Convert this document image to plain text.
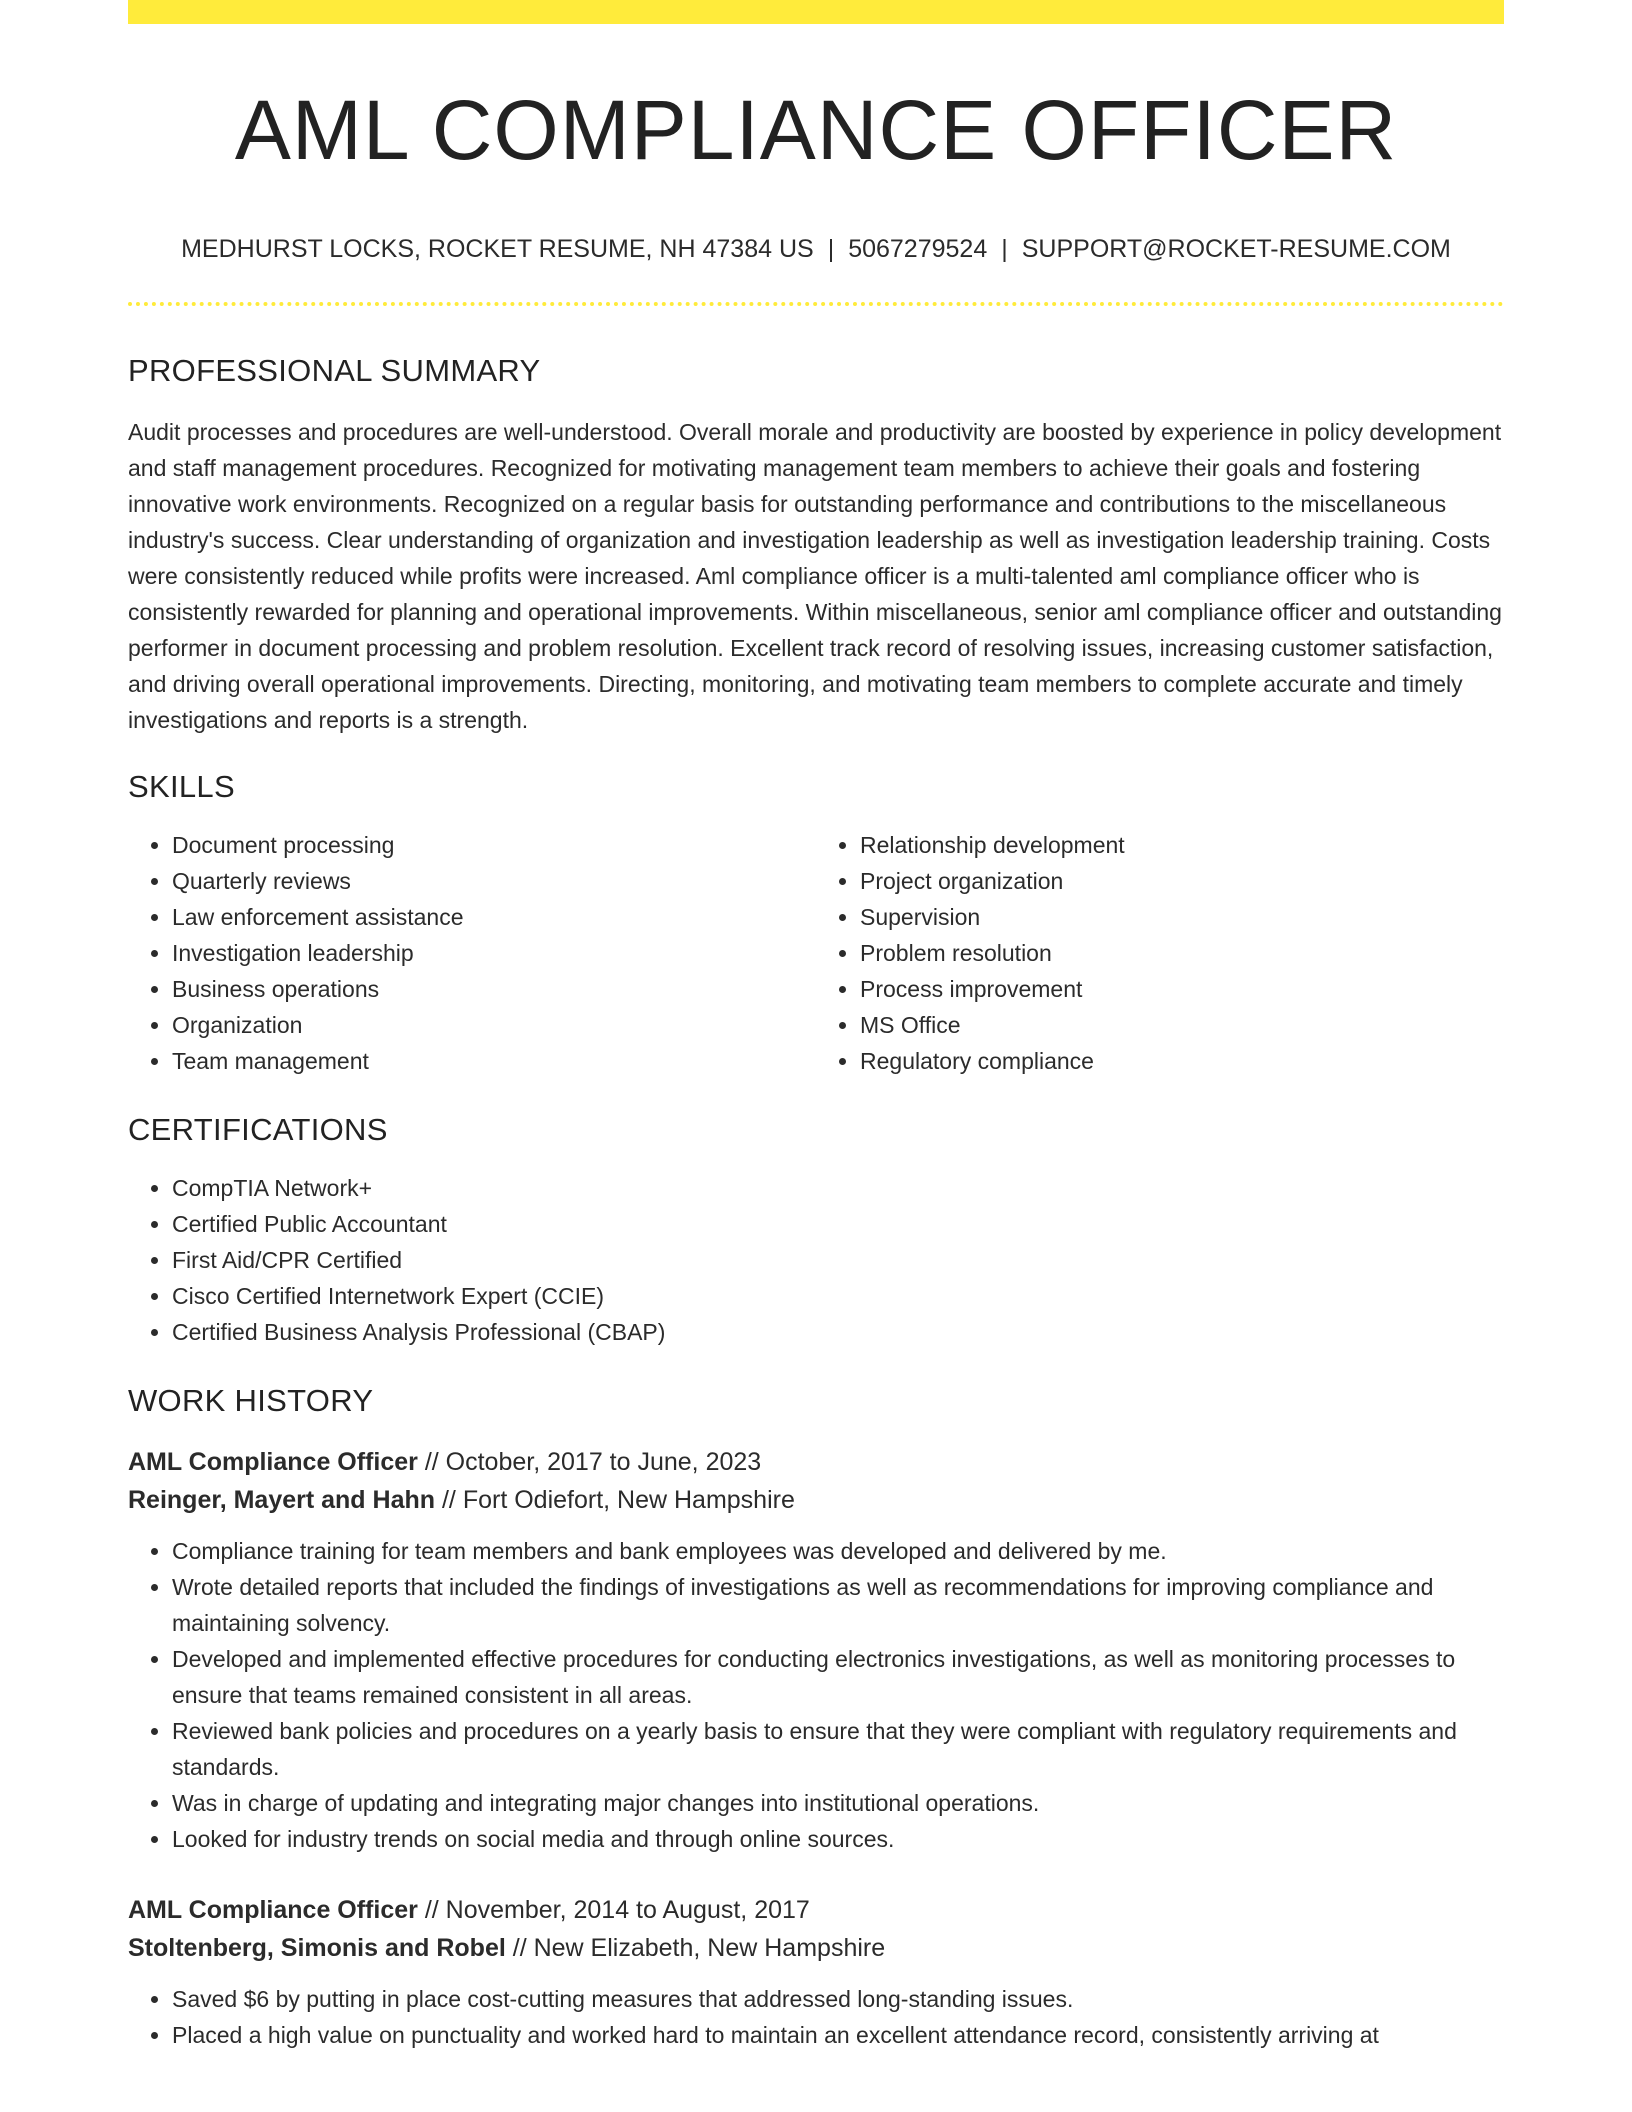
AML COMPLIANCE OFFICER
MEDHURST LOCKS, ROCKET RESUME, NH 47384 US | 5067279524 | SUPPORT@ROCKET-RESUME.COM
PROFESSIONAL SUMMARY

Audit processes and procedures are well-understood. Overall morale and productivity are boosted by experience in policy development and staff management procedures. Recognized for motivating management team members to achieve their goals and fostering innovative work environments. Recognized on a regular basis for outstanding performance and contributions to the miscellaneous industry's success. Clear understanding of organization and investigation leadership as well as investigation leadership training. Costs were consistently reduced while profits were increased. Aml compliance officer is a multi-talented aml compliance officer who is consistently rewarded for planning and operational improvements. Within miscellaneous, senior aml compliance officer and outstanding performer in document processing and problem resolution. Excellent track record of resolving issues, increasing customer satisfaction, and driving overall operational improvements. Directing, monitoring, and motivating team members to complete accurate and timely investigations and reports is a strength.

SKILLS
• Document processing
• Quarterly reviews
• Law enforcement assistance
• Investigation leadership
• Business operations
• Organization
• Team management
• Relationship development
• Project organization
• Supervision
• Problem resolution
• Process improvement
• MS Office
• Regulatory compliance
CERTIFICATIONS
• CompTIA Network+
• Certified Public Accountant
• First Aid/CPR Certified
• Cisco Certified Internetwork Expert (CCIE)
• Certified Business Analysis Professional (CBAP)
WORK HISTORY
AML Compliance Officer // October, 2017 to June, 2023
Reinger, Mayert and Hahn // Fort Odiefort, New Hampshire
• Compliance training for team members and bank employees was developed and delivered by me.
• Wrote detailed reports that included the findings of investigations as well as recommendations for improving compliance and maintaining solvency.
• Developed and implemented effective procedures for conducting electronics investigations, as well as monitoring processes to ensure that teams remained consistent in all areas.
• Reviewed bank policies and procedures on a yearly basis to ensure that they were compliant with regulatory requirements and standards.
• Was in charge of updating and integrating major changes into institutional operations.
• Looked for industry trends on social media and through online sources.
AML Compliance Officer // November, 2014 to August, 2017
Stoltenberg, Simonis and Robel // New Elizabeth, New Hampshire
• Saved $6 by putting in place cost-cutting measures that addressed long-standing issues.
• Placed a high value on punctuality and worked hard to maintain an excellent attendance record, consistently arriving at
